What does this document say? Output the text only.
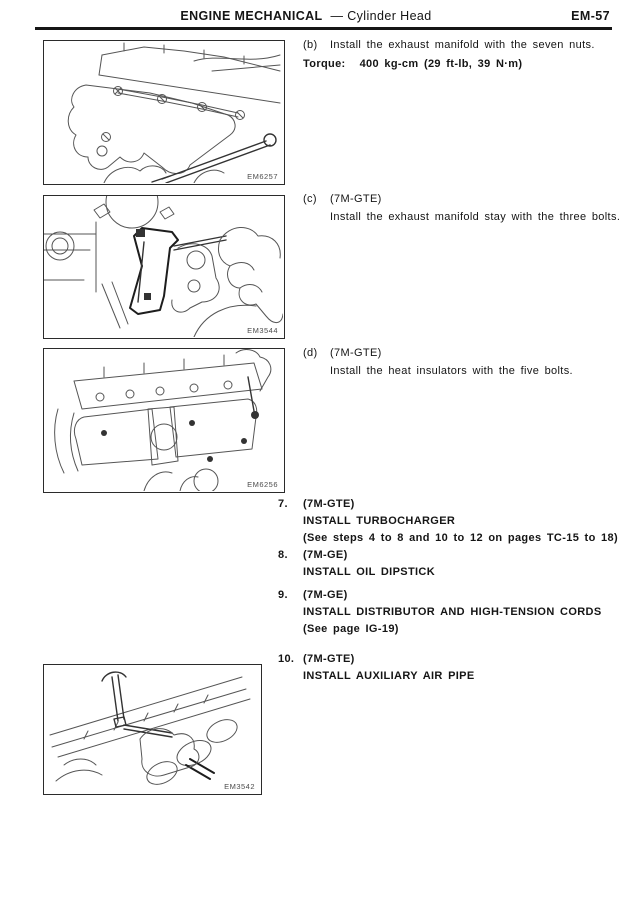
ENGINE MECHANICAL — Cylinder Head	EM-57
EM6257
EM3544
EM6256
EM3542
(b) Install the exhaust manifold with the seven nuts.
Torque: 400 kg-cm (29 ft-lb, 39 N·m)
(c) (7M-GTE)
Install the exhaust manifold stay with the three bolts.
(d) (7M-GTE)
Install the heat insulators with the five bolts.
7. (7M-GTE)
INSTALL TURBOCHARGER
(See steps 4 to 8 and 10 to 12 on pages TC-15 to 18)
8. (7M-GE)
INSTALL OIL DIPSTICK
9. (7M-GE)
INSTALL DISTRIBUTOR AND HIGH-TENSION CORDS
(See page IG-19)
10. (7M-GTE)
INSTALL AUXILIARY AIR PIPE
